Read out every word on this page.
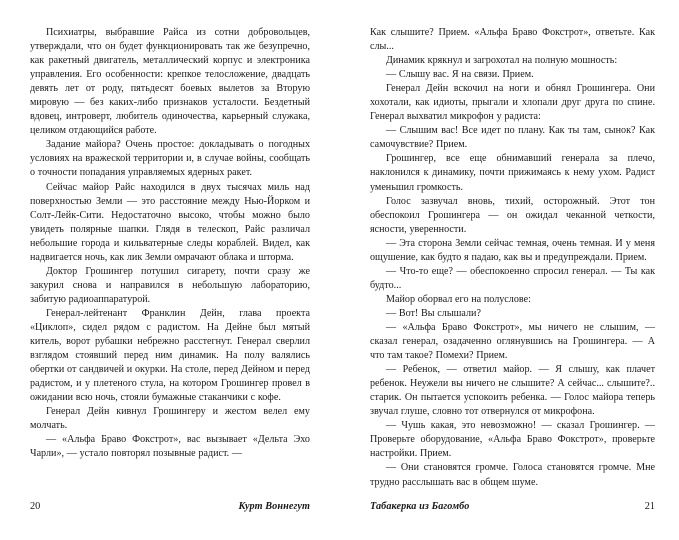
Психиатры, выбравшие Райса из сотни добровольцев, утверждали, что он будет функционировать так же безупречно, как ракетный двигатель, металлический корпус и электроника управления. Его особенности: крепкое телосложение, двадцать девять лет от роду, пятьдесят боевых вылетов за Вторую мировую — без каких-либо признаков усталости. Бездетный вдовец, интроверт, любитель одиночества, карьерный служака, целиком отдающийся работе.

Задание майора? Очень простое: докладывать о погодных условиях на вражеской территории и, в случае войны, сообщать о точности попадания управляемых ядерных ракет.

Сейчас майор Райс находился в двух тысячах миль над поверхностью Земли — это расстояние между Нью-Йорком и Солт-Лейк-Сити. Недостаточно высоко, чтобы можно было увидеть полярные шапки. Глядя в телескоп, Райс различал небольшие города и кильватерные следы кораблей. Видел, как надвигается ночь, как лик Земли омрачают облака и шторма.

Доктор Грошингер потушил сигарету, почти сразу же закурил снова и направился в небольшую лабораторию, забитую радиоаппаратурой.

Генерал-лейтенант Франклин Дейн, глава проекта «Циклоп», сидел рядом с радистом. На Дейне был мятый китель, ворот рубашки небрежно расстегнут. Генерал сверлил взглядом стоявший перед ним динамик. На полу валялись обертки от сандвичей и окурки. На столе, перед Дейном и перед радистом, и у плетеного стула, на котором Грошингер провел в ожидании всю ночь, стояли бумажные стаканчики с кофе.

Генерал Дейн кивнул Грошингеру и жестом велел ему молчать.

— «Альфа Браво Фокстрот», вас вызывает «Дельта Эхо Чарли», — устало повторял позывные радист. —

20	Курт Воннегут

Как слышите? Прием. «Альфа Браво Фокстрот», ответьте. Как слы...

Динамик крякнул и загрохотал на полную мошность:

— Слышу вас. Я на связи. Прием.

Генерал Дейн вскочил на ноги и обнял Грошингера. Они хохотали, как идиоты, прыгали и хлопали друг друга по спине. Генерал выхватил микрофон у радиста:

— Слышим вас! Все идет по плану. Как ты там, сынок? Как самочувствие? Прием.

Грошингер, все еще обнимавший генерала за плечо, наклонился к динамику, почти прижимаясь к нему ухом. Радист уменьшил громкость.

Голос зазвучал вновь, тихий, осторожный. Этот тон обеспокоил Грошингера — он ожидал чеканной четкости, ясности, уверенности.

— Эта сторона Земли сейчас темная, очень темная. И у меня ощушение, как будто я падаю, как вы и предупреждали. Прием.

— Что-то еще? — обеспокоенно спросил генерал. — Ты как будто...

Майор оборвал его на полуслове:

— Вот! Вы слышали?

— «Альфа Браво Фокстрот», мы ничего не слышим, — сказал генерал, озадаченно оглянувшись на Грошингера. — А что там такое? Помехи? Прием.

— Ребенок, — ответил майор. — Я слышу, как плачет ребенок. Неужели вы ничего не слышите? А сейчас... слышите?.. старик. Он пытается успокоить ребенка. — Голос майора теперь звучал глуше, словно тот отвернулся от микрофона.

— Чушь какая, это невозможно! — сказал Грошингер. — Проверьте оборудование, «Альфа Браво Фокстрот», проверьте настройки. Прием.

— Они становятся громче. Голоса становятся громче. Мне трудно расслышать вас в общем шуме.

Табакерка из Багомбо	21
